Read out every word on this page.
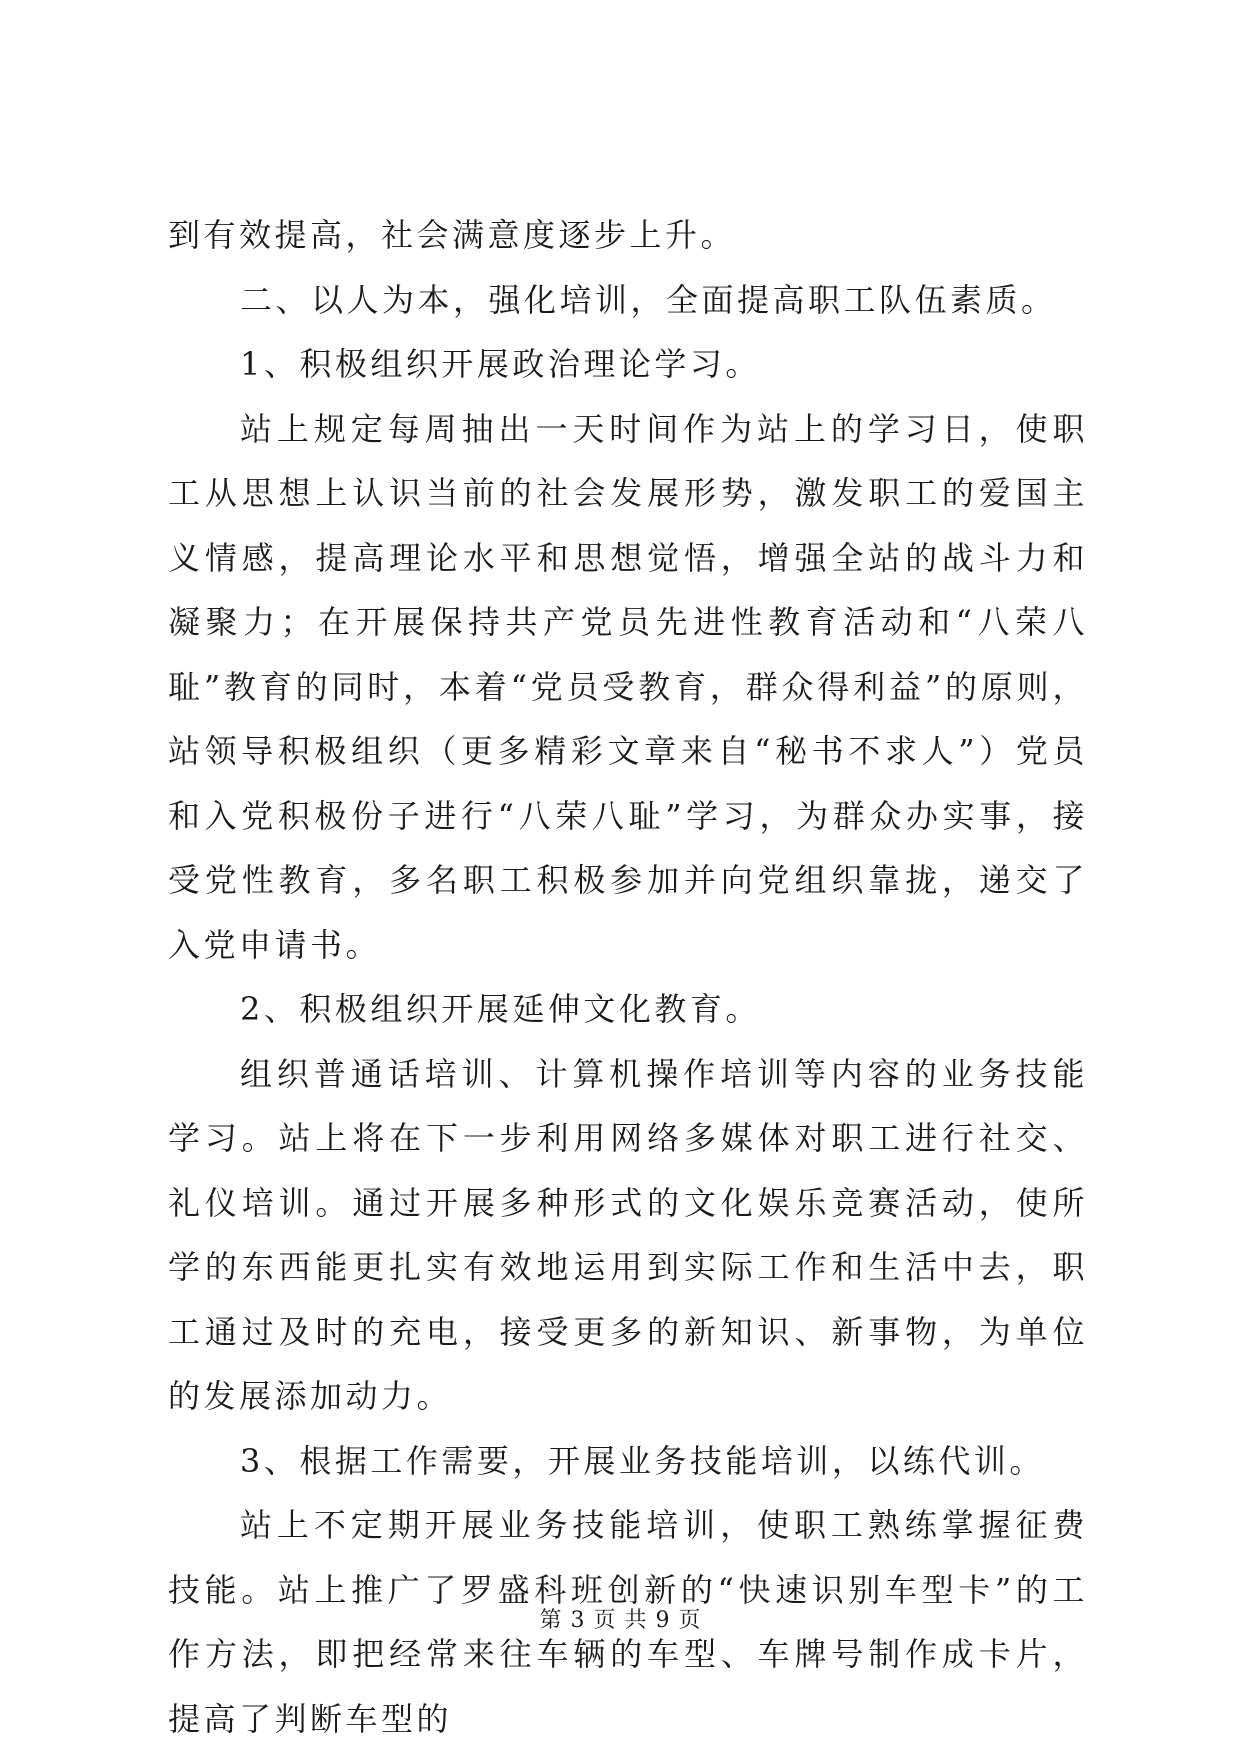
到有效提高，社会满意度逐步上升。

二、以人为本，强化培训，全面提高职工队伍素质。

1、积极组织开展政治理论学习。

站上规定每周抽出一天时间作为站上的学习日，使职工从思想上认识当前的社会发展形势，激发职工的爱国主义情感，提高理论水平和思想觉悟，增强全站的战斗力和凝聚力；在开展保持共产党员先进性教育活动和“八荣八耻”教育的同时，本着“党员受教育，群众得利益”的原则，站领导积极组织（更多精彩文章来自“秘书不求人”）党员和入党积极份子进行“八荣八耻”学习，为群众办实事，接受党性教育，多名职工积极参加并向党组织靠拢，递交了入党申请书。

2、积极组织开展延伸文化教育。

组织普通话培训、计算机操作培训等内容的业务技能学习。站上将在下一步利用网络多媒体对职工进行社交、礼仪培训。通过开展多种形式的文化娱乐竞赛活动，使所学的东西能更扎实有效地运用到实际工作和生活中去，职工通过及时的充电，接受更多的新知识、新事物，为单位的发展添加动力。

3、根据工作需要，开展业务技能培训，以练代训。

站上不定期开展业务技能培训，使职工熟练掌握征费技能。站上推广了罗盛科班创新的“快速识别车型卡”的工作方法，即把经常来往车辆的车型、车牌号制作成卡片，提高了判断车型的

第 3 页 共 9 页
